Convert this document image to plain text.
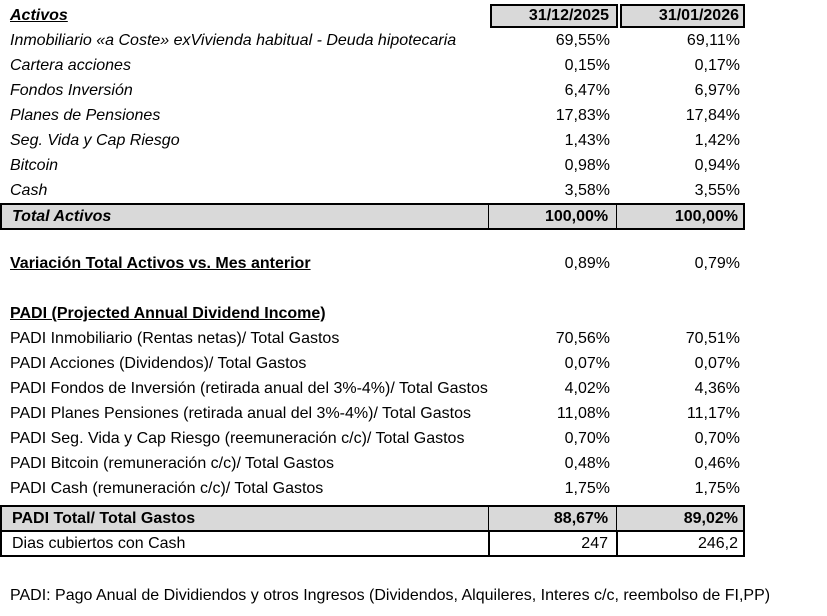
Activos	31/12/2025	31/01/2026
Inmobiliario «a Coste» exVivienda habitual - Deuda hipotecaria	69,55%	69,11%
Cartera acciones	0,15%	0,17%
Fondos Inversión	6,47%	6,97%
Planes de Pensiones	17,83%	17,84%
Seg. Vida y Cap Riesgo	1,43%	1,42%
Bitcoin	0,98%	0,94%
Cash	3,58%	3,55%
Total Activos	100,00%	100,00%
Variación Total Activos vs. Mes anterior	0,89%	0,79%
PADI (Projected Annual Dividend Income)
PADI Inmobiliario (Rentas netas)/ Total Gastos	70,56%	70,51%
PADI Acciones (Dividendos)/ Total Gastos	0,07%	0,07%
PADI Fondos de Inversión (retirada anual del 3%-4%)/ Total Gastos	4,02%	4,36%
PADI Planes Pensiones (retirada anual del 3%-4%)/ Total Gastos	11,08%	11,17%
PADI Seg. Vida y Cap Riesgo (reemuneración c/c)/ Total Gastos	0,70%	0,70%
PADI Bitcoin (remuneración c/c)/ Total Gastos	0,48%	0,46%
PADI Cash (remuneración c/c)/ Total Gastos	1,75%	1,75%
PADI Total/ Total Gastos	88,67%	89,02%
Dias cubiertos con Cash	247	246,2
PADI: Pago Anual de Dividiendos y otros Ingresos (Dividendos, Alquileres, Interes c/c, reembolso de FI,PP)
